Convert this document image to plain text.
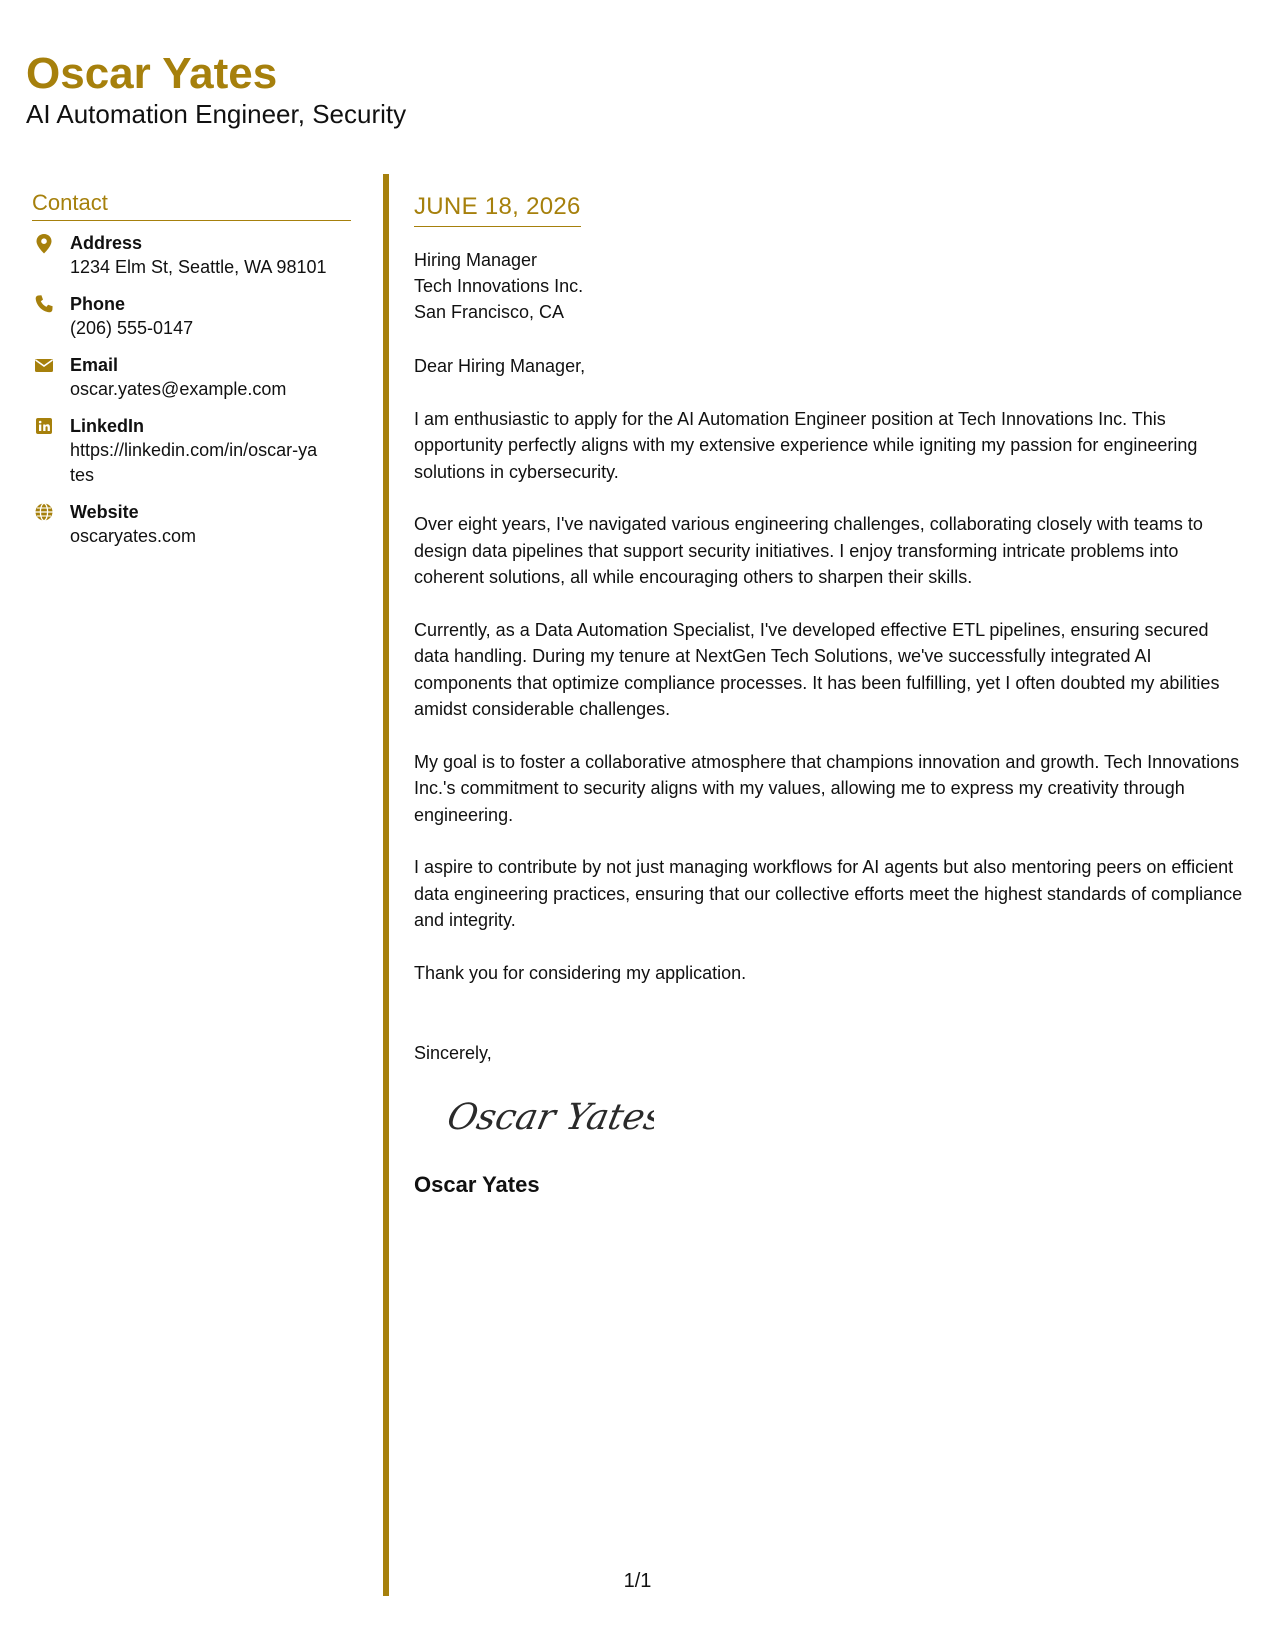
Oscar Yates
AI Automation Engineer, Security
Contact
Address
1234 Elm St, Seattle, WA 98101
Phone
(206) 555-0147
Email
oscar.yates@example.com
LinkedIn
https://linkedin.com/in/oscar-yates
Website
oscaryates.com
JUNE 18, 2026
Hiring Manager
Tech Innovations Inc.
San Francisco, CA
Dear Hiring Manager,
I am enthusiastic to apply for the AI Automation Engineer position at Tech Innovations Inc. This opportunity perfectly aligns with my extensive experience while igniting my passion for engineering solutions in cybersecurity.
Over eight years, I've navigated various engineering challenges, collaborating closely with teams to design data pipelines that support security initiatives. I enjoy transforming intricate problems into coherent solutions, all while encouraging others to sharpen their skills.
Currently, as a Data Automation Specialist, I've developed effective ETL pipelines, ensuring secured data handling. During my tenure at NextGen Tech Solutions, we've successfully integrated AI components that optimize compliance processes. It has been fulfilling, yet I often doubted my abilities amidst considerable challenges.
My goal is to foster a collaborative atmosphere that champions innovation and growth. Tech Innovations Inc.'s commitment to security aligns with my values, allowing me to express my creativity through engineering.
I aspire to contribute by not just managing workflows for AI agents but also mentoring peers on efficient data engineering practices, ensuring that our collective efforts meet the highest standards of compliance and integrity.
Thank you for considering my application.
Sincerely,
Oscar Yates
Oscar Yates
1/1
